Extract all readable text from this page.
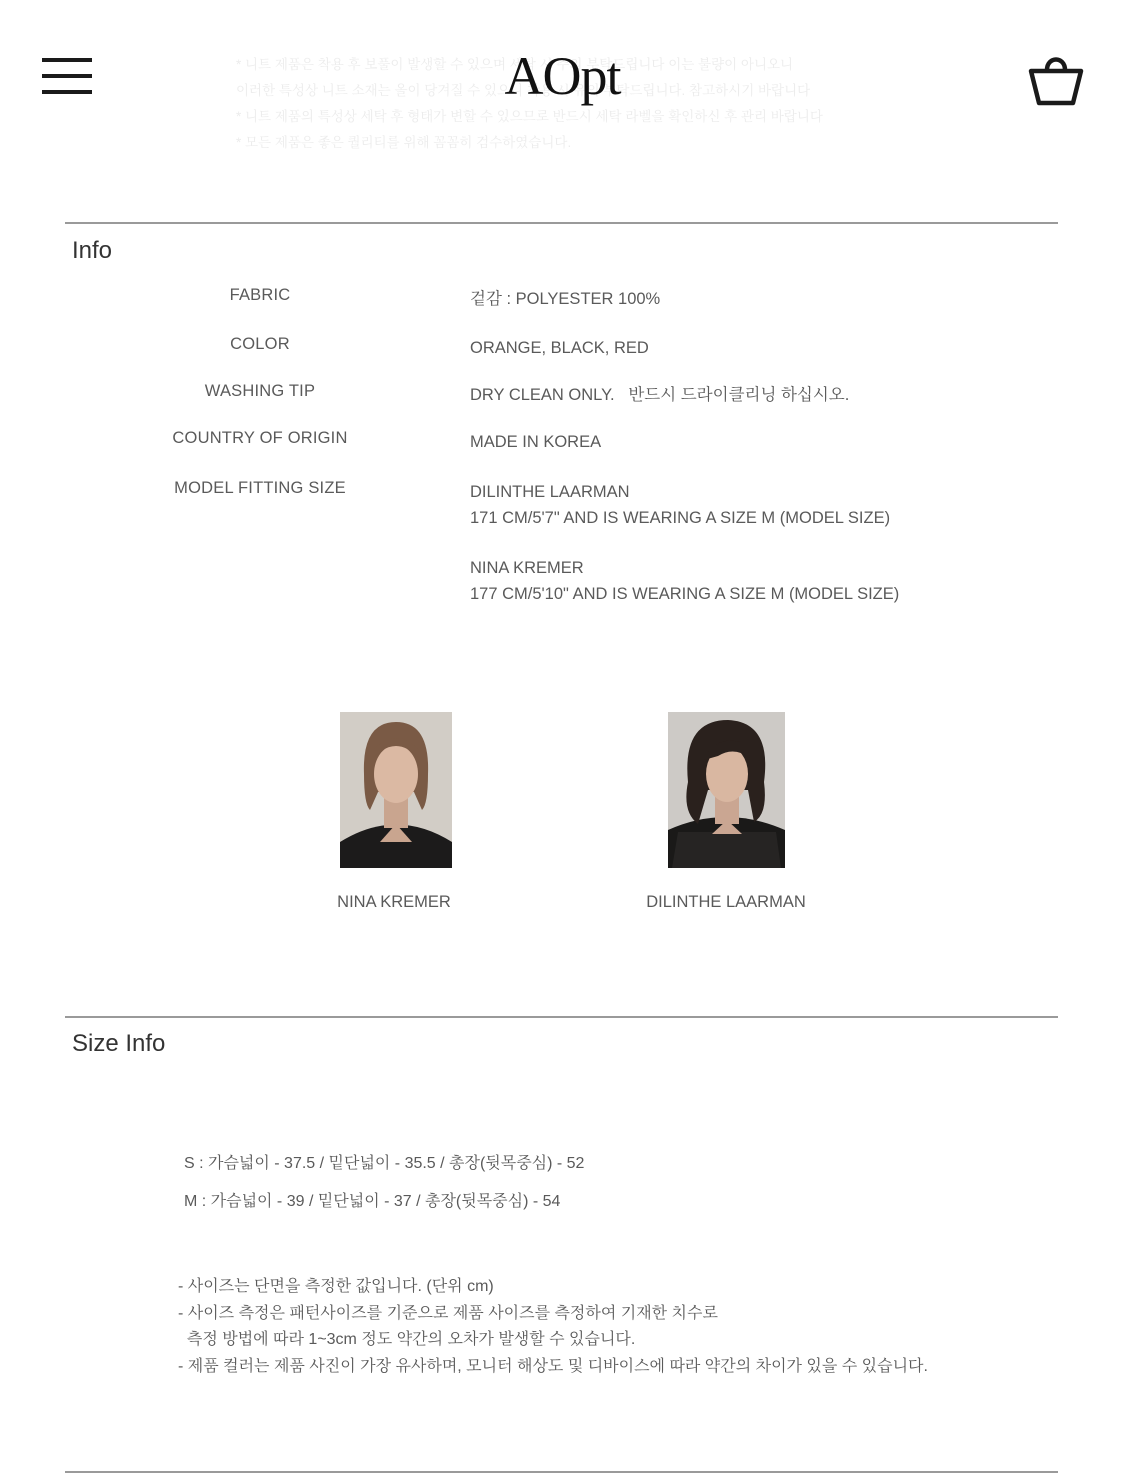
* 니트 제품은 착용 후 보풀이 발생할 수 있으며 세탁 시 주의 부탁드립니다 이는 불량이 아니오니
이러한 특성상 니트 소재는 올이 당겨질 수 있으니 착용 시 유의 부탁드립니다. 참고하시기 바랍니다
* 니트 제품의 특성상 세탁 후 형태가 변할 수 있으므로 반드시 세탁 라벨을 확인하신 후 관리 바랍니다
* 모든 제품은 좋은 퀄리티를 위해 꼼꼼히 검수하였습니다.
AOpt
Info
FABRIC	겉감 : POLYESTER 100%
COLOR	ORANGE, BLACK, RED
WASHING TIP	DRY CLEAN ONLY.   반드시 드라이클리닝 하십시오.
COUNTRY OF ORIGIN	MADE IN KOREA
MODEL FITTING SIZE	DILINTHE LAARMAN
171 CM/5'7" AND IS WEARING A SIZE M (MODEL SIZE)
NINA KREMER
177 CM/5'10" AND IS WEARING A SIZE M (MODEL SIZE)
NINA KREMER	DILINTHE LAARMAN
Size Info
S : 가슴넓이 - 37.5 / 밑단넓이 - 35.5 / 총장(뒷목중심) - 52
M : 가슴넓이 - 39 / 밑단넓이 - 37 / 총장(뒷목중심) - 54
- 사이즈는 단면을 측정한 값입니다. (단위 cm)
- 사이즈 측정은 패턴사이즈를 기준으로 제품 사이즈를 측정하여 기재한 치수로
측정 방법에 따라 1~3cm 정도 약간의 오차가 발생할 수 있습니다.
- 제품 컬러는 제품 사진이 가장 유사하며, 모니터 해상도 및 디바이스에 따라 약간의 차이가 있을 수 있습니다.
